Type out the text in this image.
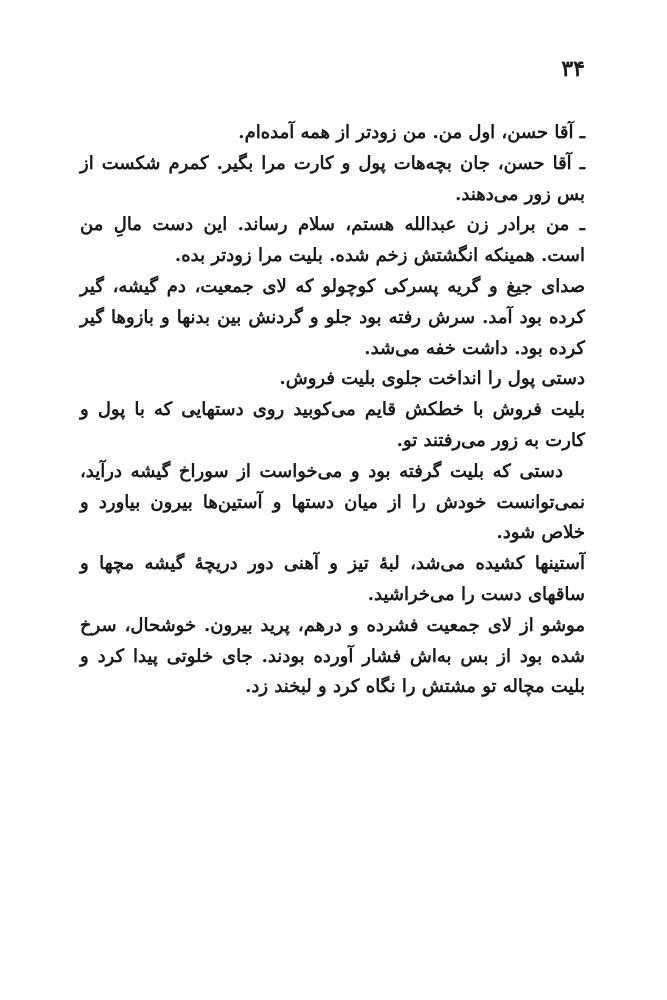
۳۴

ـ آقا حسن، اول من. من زودتر از همه آمده‌ام.

ـ آقا حسن، جان بچه‌هات پول و کارت مرا بگیر. کمرم شکست از بس زور می‌دهند.

ـ من برادر زن عبدالله هستم، سلام رساند. این دست مالِ من است. همینکه انگشتش زخم شده. بلیت مرا زودتر بده.

صدای جیغ و گریه پسرکی کوچولو که لای جمعیت، دم گیشه، گیر کرده بود آمد. سرش رفته بود جلو و گردنش بین بدنها و بازوها گیر کرده بود. داشت خفه می‌شد.

دستی پول را انداخت جلوی بلیت فروش.

بلیت فروش با خطکش قایم می‌کوبید روی دستهایی که با پول و کارت به زور می‌رفتند تو.

دستی که بلیت گرفته بود و می‌خواست از سوراخ گیشه درآید، نمی‌توانست خودش را از میان دستها و آستین‌ها بیرون بیاورد و خلاص شود.

آستینها کشیده می‌شد، لبهٔ تیز و آهنی دور دریچهٔ گیشه مچها و ساقهای دست را می‌خراشید.

موشو از لای جمعیت فشرده و درهم، پرید بیرون. خوشحال، سرخ شده بود از بس به‌اش فشار آورده بودند. جای خلوتی پیدا کرد و بلیت مچاله تو مشتش را نگاه کرد و لبخند زد.
